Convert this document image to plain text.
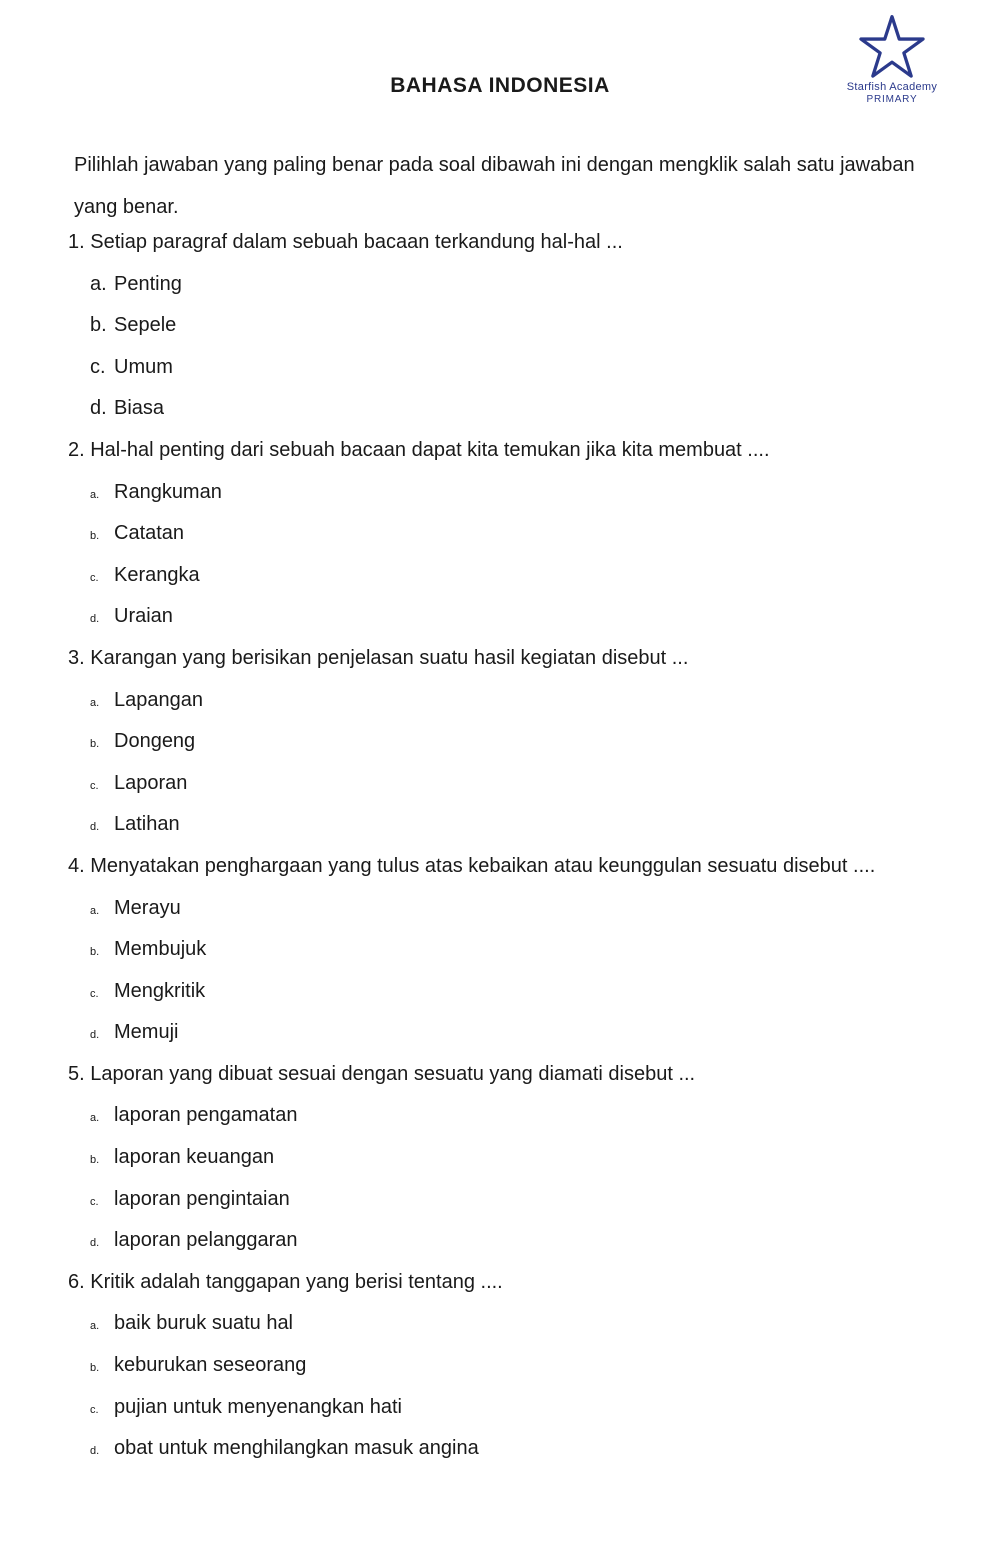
BAHASA INDONESIA	Starfish Academy
PRIMARY
Pilihlah jawaban yang paling benar pada soal dibawah ini dengan mengklik salah satu jawaban yang benar.
1. Setiap paragraf dalam sebuah bacaan terkandung hal-hal ...
a. Penting
b. Sepele
c. Umum
d. Biasa
2. Hal-hal penting dari sebuah bacaan dapat kita temukan jika kita membuat ....
a. Rangkuman
b. Catatan
c. Kerangka
d. Uraian
3. Karangan yang berisikan penjelasan suatu hasil kegiatan disebut ...
a. Lapangan
b. Dongeng
c. Laporan
d. Latihan
4. Menyatakan penghargaan yang tulus atas kebaikan atau keunggulan sesuatu disebut ....
a. Merayu
b. Membujuk
c. Mengkritik
d. Memuji
5. Laporan yang dibuat sesuai dengan sesuatu yang diamati disebut ...
a. laporan pengamatan
b. laporan keuangan
c. laporan pengintaian
d. laporan pelanggaran
6. Kritik adalah tanggapan yang berisi tentang ....
a. baik buruk suatu hal
b. keburukan seseorang
c. pujian untuk menyenangkan hati
d. obat untuk menghilangkan masuk angina
